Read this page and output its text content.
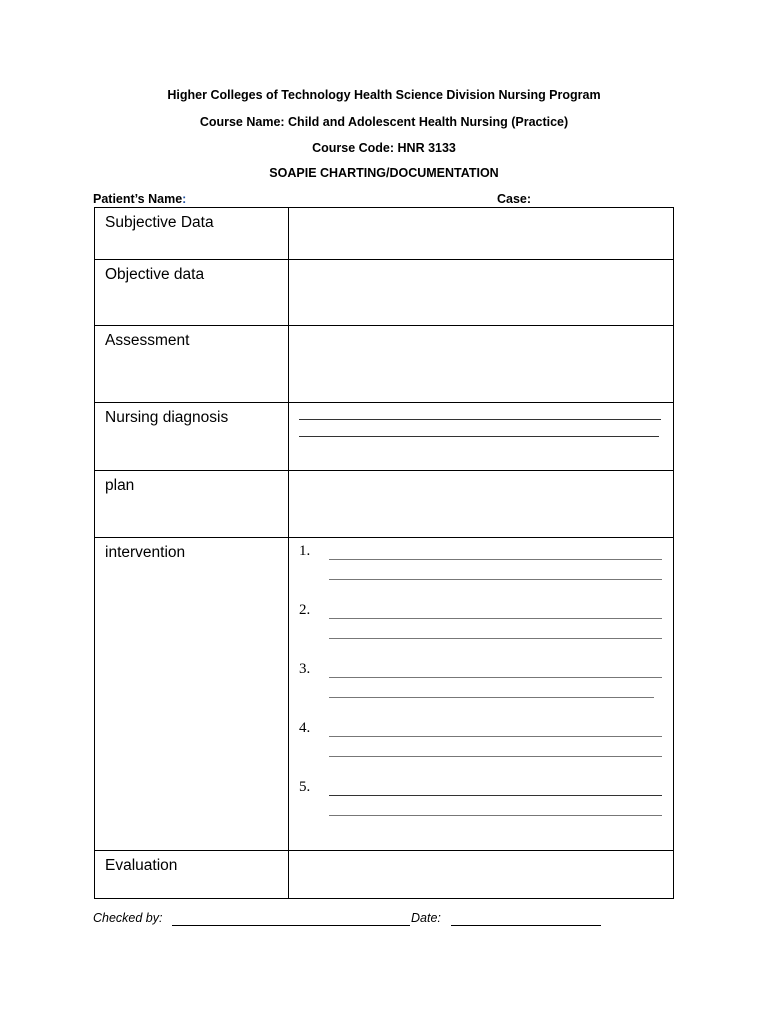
Higher Colleges of Technology Health Science Division Nursing Program
Course Name: Child and Adolescent Health Nursing (Practice)
Course Code: HNR 3133
SOAPIE CHARTING/DOCUMENTATION
Patient’s Name:	Case:
Subjective Data	
Objective data	
Assessment	
Nursing diagnosis	

plan	
intervention	1.
2.
3.
4.
5.

Evaluation	
Checked by:	Date:
